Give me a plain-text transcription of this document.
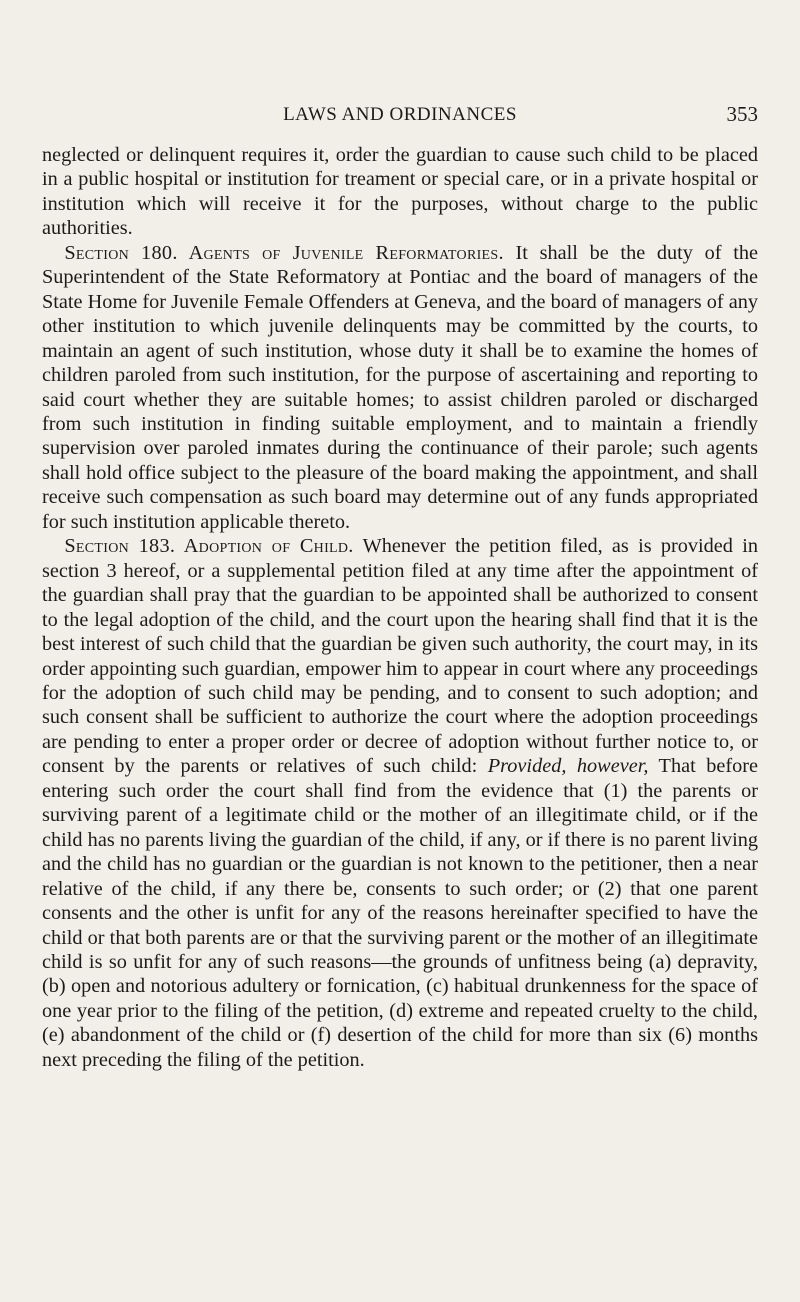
LAWS AND ORDINANCES	353

neglected or delinquent requires it, order the guardian to cause such child to be placed in a public hospital or institution for treament or special care, or in a private hospital or institution which will receive it for the purposes, without charge to the public authorities.

Section 180. Agents of Juvenile Reformatories. It shall be the duty of the Superintendent of the State Reformatory at Pontiac and the board of managers of the State Home for Juvenile Female Offenders at Geneva, and the board of managers of any other institution to which juvenile delinquents may be committed by the courts, to maintain an agent of such institution, whose duty it shall be to examine the homes of children paroled from such institution, for the purpose of ascertaining and reporting to said court whether they are suitable homes; to assist children paroled or discharged from such institution in finding suitable employment, and to maintain a friendly supervision over paroled inmates during the continuance of their parole; such agents shall hold office subject to the pleasure of the board making the appointment, and shall receive such compensation as such board may determine out of any funds appropriated for such institution applicable thereto.

Section 183. Adoption of Child. Whenever the petition filed, as is provided in section 3 hereof, or a supplemental petition filed at any time after the appointment of the guardian shall pray that the guardian to be appointed shall be authorized to consent to the legal adoption of the child, and the court upon the hearing shall find that it is the best interest of such child that the guardian be given such authority, the court may, in its order appointing such guardian, empower him to appear in court where any proceedings for the adoption of such child may be pending, and to consent to such adoption; and such consent shall be sufficient to authorize the court where the adoption proceedings are pending to enter a proper order or decree of adoption without further notice to, or consent by the parents or relatives of such child: Provided, however, That before entering such order the court shall find from the evidence that (1) the parents or surviving parent of a legitimate child or the mother of an illegitimate child, or if the child has no parents living the guardian of the child, if any, or if there is no parent living and the child has no guardian or the guardian is not known to the petitioner, then a near relative of the child, if any there be, consents to such order; or (2) that one parent consents and the other is unfit for any of the reasons hereinafter specified to have the child or that both parents are or that the surviving parent or the mother of an illegitimate child is so unfit for any of such reasons—the grounds of unfitness being (a) depravity, (b) open and notorious adultery or fornication, (c) habitual drunkenness for the space of one year prior to the filing of the petition, (d) extreme and repeated cruelty to the child, (e) abandonment of the child or (f) desertion of the child for more than six (6) months next preceding the filing of the petition.
